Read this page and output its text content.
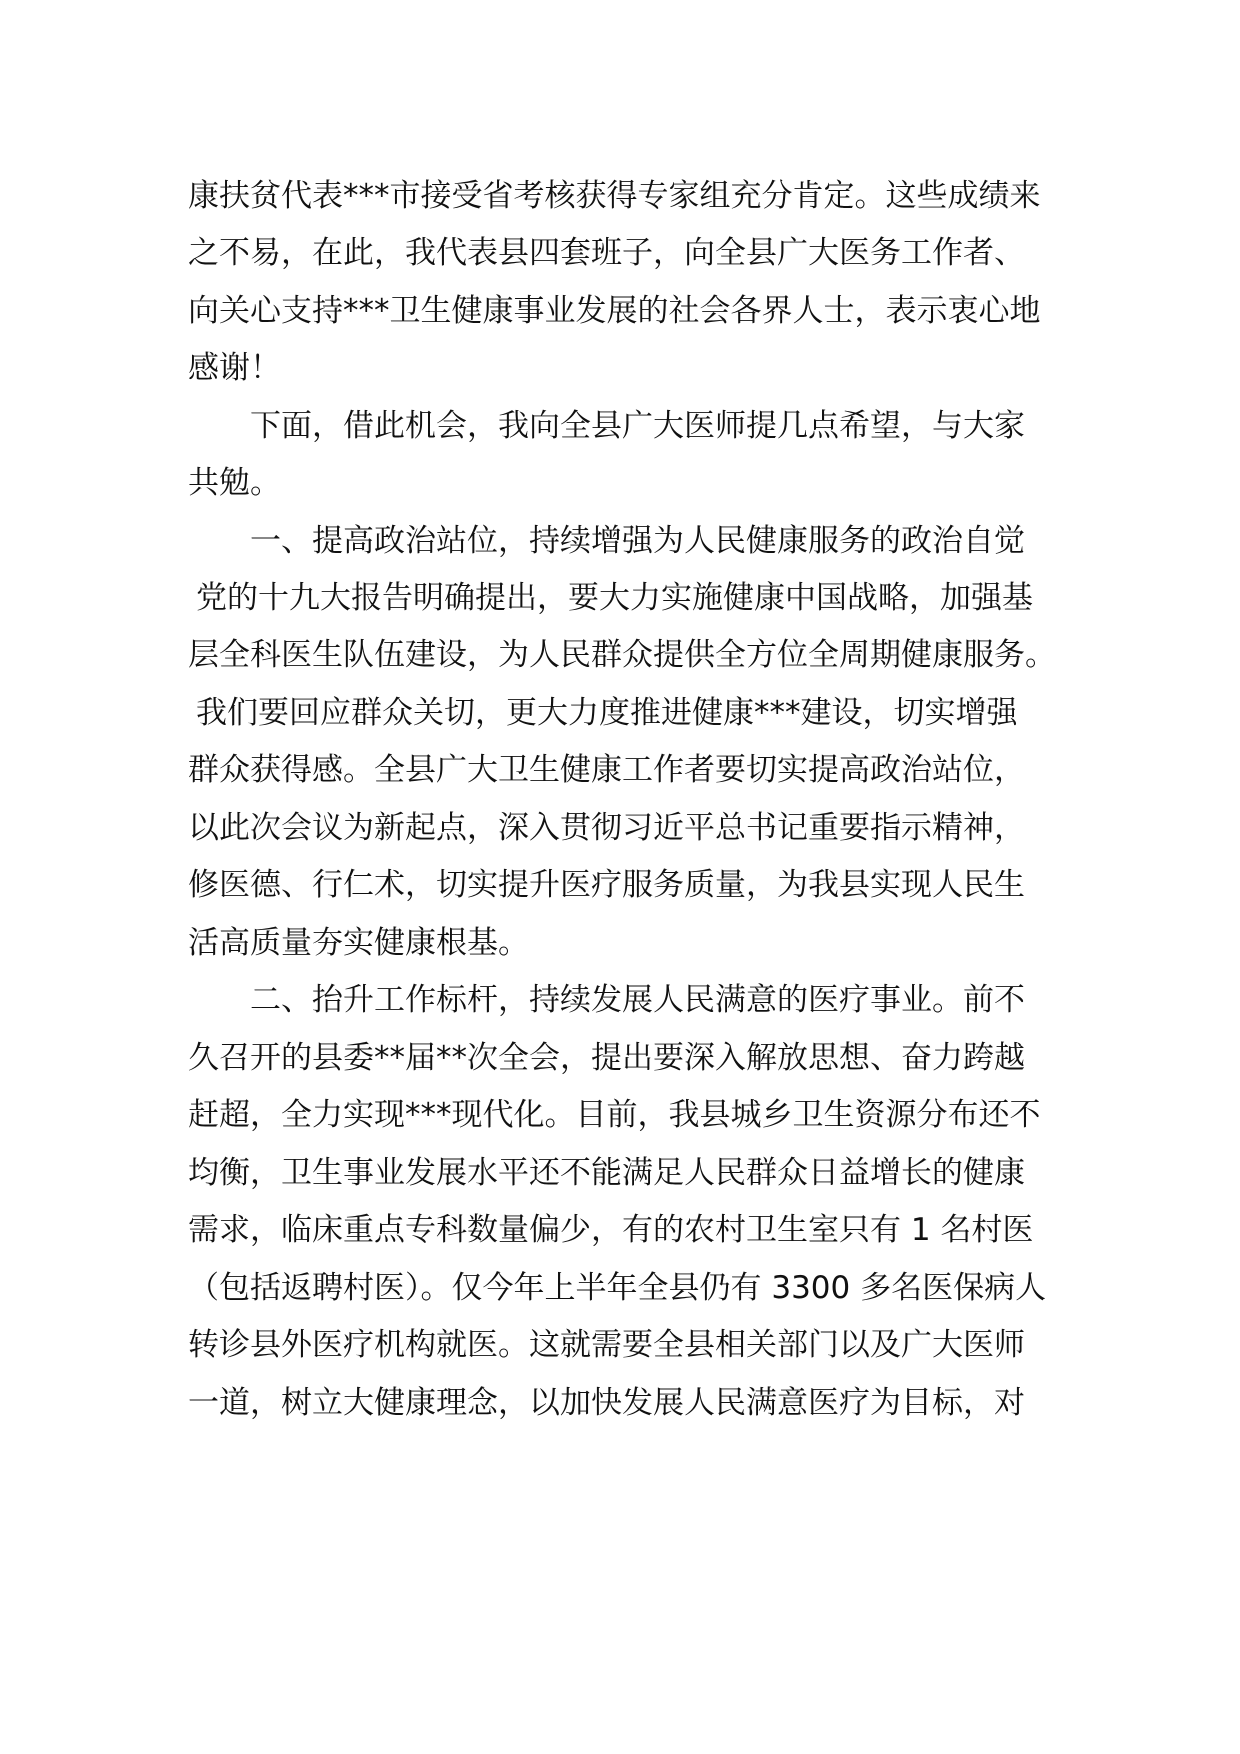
康扶贫代表***市接受省考核获得专家组充分肯定。这些成绩来
之不易，在此，我代表县四套班子，向全县广大医务工作者、
向关心支持***卫生健康事业发展的社会各界人士，表示衷心地
感谢！
下面，借此机会，我向全县广大医师提几点希望，与大家
共勉。
一、提高政治站位，持续增强为人民健康服务的政治自觉
党的十九大报告明确提出，要大力实施健康中国战略，加强基
层全科医生队伍建设，为人民群众提供全方位全周期健康服务。
我们要回应群众关切，更大力度推进健康***建设，切实增强
群众获得感。全县广大卫生健康工作者要切实提高政治站位，
以此次会议为新起点，深入贯彻习近平总书记重要指示精神，
修医德、行仁术，切实提升医疗服务质量，为我县实现人民生
活高质量夯实健康根基。
二、抬升工作标杆，持续发展人民满意的医疗事业。前不
久召开的县委**届**次全会，提出要深入解放思想、奋力跨越
赶超，全力实现***现代化。目前，我县城乡卫生资源分布还不
均衡，卫生事业发展水平还不能满足人民群众日益增长的健康
需求，临床重点专科数量偏少，有的农村卫生室只有 1 名村医
（包括返聘村医）。仅今年上半年全县仍有 3300 多名医保病人
转诊县外医疗机构就医。这就需要全县相关部门以及广大医师
一道，树立大健康理念，以加快发展人民满意医疗为目标，对
